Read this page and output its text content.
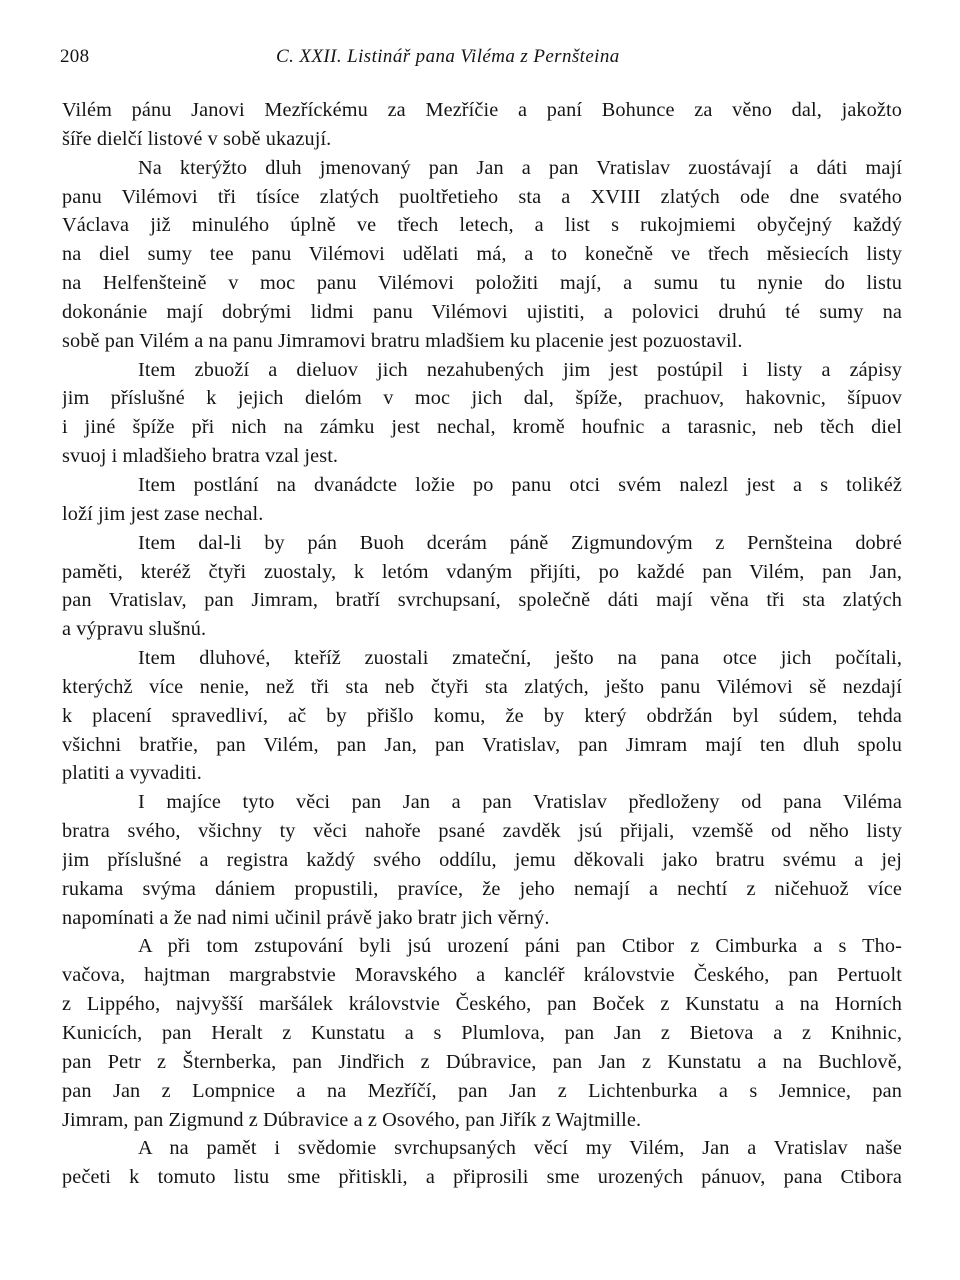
208	C. XXII. Listinář pana Viléma z Pernšteina
Vilém pánu Janovi Mezříckému za Mezříčie a paní Bohunce za věno dal, jakožto
šíře dielčí listové v sobě ukazují.
Na kterýžto dluh jmenovaný pan Jan a pan Vratislav zuostávají a dáti mají
panu Vilémovi tři tísíce zlatých puoltřetieho sta a XVIII zlatých ode dne svatého
Václava již minulého úplně ve třech letech, a list s rukojmiemi obyčejný každý
na diel sumy tee panu Vilémovi udělati má, a to konečně ve třech měsiecích listy
na Helfenšteině v moc panu Vilémovi položiti mají, a sumu tu nynie do listu
dokonánie mají dobrými lidmi panu Vilémovi ujistiti, a polovici druhú té sumy na
sobě pan Vilém a na panu Jimramovi bratru mladšiem ku placenie jest pozuostavil.
Item zbuoží a dieluov jich nezahubených jim jest postúpil i listy a zápisy
jim příslušné k jejich dielóm v moc jich dal, špíže, prachuov, hakovnic, šípuov
i jiné špíže při nich na zámku jest nechal, kromě houfnic a tarasnic, neb těch diel
svuoj i mladšieho bratra vzal jest.
Item postlání na dvanádcte ložie po panu otci svém nalezl jest a s tolikéž
loží jim jest zase nechal.
Item dal-li by pán Buoh dcerám páně Zigmundovým z Pernšteina dobré
paměti, kteréž čtyři zuostaly, k letóm vdaným přijíti, po každé pan Vilém, pan Jan,
pan Vratislav, pan Jimram, bratří svrchupsaní, společně dáti mají věna tři sta zlatých
a výpravu slušnú.
Item dluhové, kteříž zuostali zmatеční, ješto na pana otce jich počítali,
kterýchž více nenie, než tři sta neb čtyři sta zlatých, ješto panu Vilémovi sě nezdají
k placení spravedliví, ač by přišlo komu, že by který obdržán byl súdem, tehda
všichni bratřie, pan Vilém, pan Jan, pan Vratislav, pan Jimram mají ten dluh spolu
platiti a vyvaditi.
I majíce tyto věci pan Jan a pan Vratislav předloženy od pana Viléma
bratra svého, všichny ty věci nahoře psané zavděk jsú přijali, vzemšě od něho listy
jim příslušné a registra každý svého oddílu, jemu děkovali jako bratru svému a jej
rukama svýma dániem propustili, pravíce, že jeho nemají a nechtí z ničehuož více
napomínati a že nad nimi učinil právě jako bratr jich věrný.
A při tom zstupování byli jsú urození páni pan Ctibor z Cimburka a s Tho-
vačova, hajtman margrabstvie Moravského a kancléř královstvie Českého, pan Pertuolt
z Lippého, najvyšší maršálek královstvie Českého, pan Boček z Kunstatu a na Horních
Kunicích, pan Heralt z Kunstatu a s Plumlova, pan Jan z Bietova a z Knihnic,
pan Petr z Šternberka, pan Jindřich z Dúbravice, pan Jan z Kunstatu a na Buchlově,
pan Jan z Lompnice a na Mezříčí, pan Jan z Lichtenburka a s Jemnice, pan
Jimram, pan Zigmund z Dúbravice a z Osového, pan Jiřík z Wajtmille.
A na pamět i svědomie svrchupsaných věcí my Vilém, Jan a Vratislav naše
pečeti k tomuto listu sme přitiskli, a připrosili sme urozených pánuov, pana Ctibora
